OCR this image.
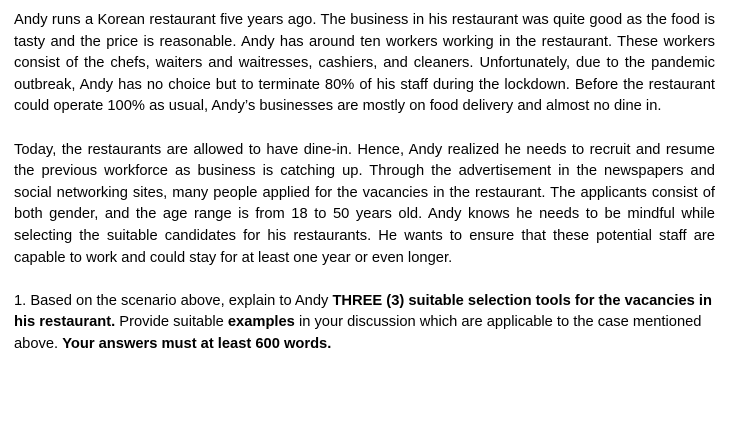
Andy runs a Korean restaurant five years ago. The business in his restaurant was quite good as the food is tasty and the price is reasonable. Andy has around ten workers working in the restaurant. These workers consist of the chefs, waiters and waitresses, cashiers, and cleaners. Unfortunately, due to the pandemic outbreak, Andy has no choice but to terminate 80% of his staff during the lockdown. Before the restaurant could operate 100% as usual, Andy’s businesses are mostly on food delivery and almost no dine in.

Today, the restaurants are allowed to have dine-in. Hence, Andy realized he needs to recruit and resume the previous workforce as business is catching up. Through the advertisement in the newspapers and social networking sites, many people applied for the vacancies in the restaurant. The applicants consist of both gender, and the age range is from 18 to 50 years old. Andy knows he needs to be mindful while selecting the suitable candidates for his restaurants. He wants to ensure that these potential staff are capable to work and could stay for at least one year or even longer.

1. Based on the scenario above, explain to Andy THREE (3) suitable selection tools for the vacancies in his restaurant. Provide suitable examples in your discussion which are applicable to the case mentioned above. Your answers must at least 600 words.
